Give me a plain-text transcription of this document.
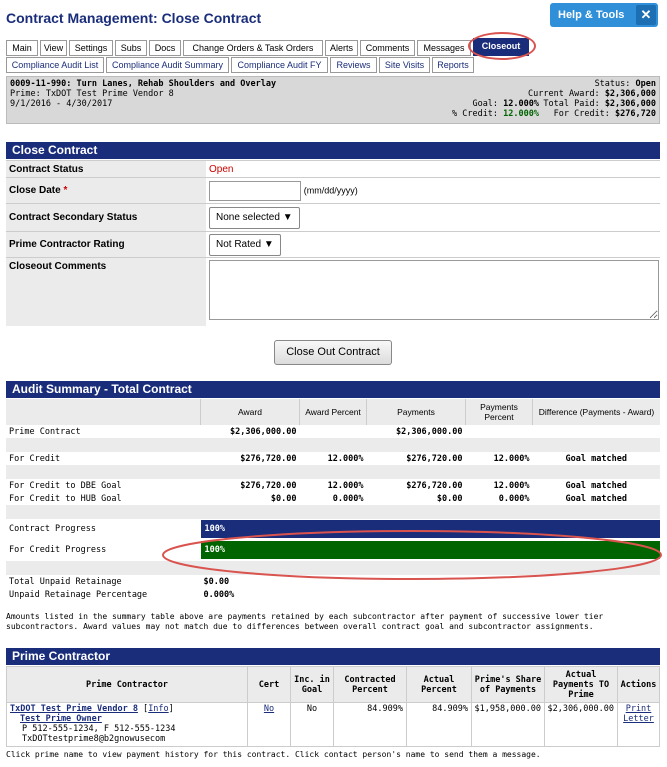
Contract Management: Close Contract	Help & Tools	✕
Main	View	Settings	Subs	Docs	Change Orders & Task Orders	Alerts	Comments	Messages	Closeout
Compliance Audit List	Compliance Audit Summary	Compliance Audit FY	Reviews	Site Visits	Reports
0009-11-990: Turn Lanes, Rehab Shoulders and Overlay
Prime: TxDOT Test Prime Vendor 8
9/1/2016 - 4/30/2017
Status: Open
Current Award: $2,306,000
Total Paid: $2,306,000
For Credit: $276,720
Goal: 12.000%
% Credit: 12.000%
Close Contract
Contract Status	Open
Close Date *	(mm/dd/yyyy)
Contract Secondary Status	None selected ▼
Prime Contractor Rating	Not Rated ▼
Closeout Comments	
Close Out Contract
Audit Summary - Total Contract
	Award	Award Percent	Payments	Payments Percent	Difference (Payments - Award)
Prime Contract	$2,306,000.00		$2,306,000.00		

For Credit	$276,720.00	12.000%	$276,720.00	12.000%	Goal matched

For Credit to DBE Goal	$276,720.00	12.000%	$276,720.00	12.000%	Goal matched
For Credit to HUB Goal	$0.00	0.000%	$0.00	0.000%	Goal matched

Contract Progress	100%				

For Credit Progress	100%				

Total Unpaid Retainage	$0.00				
Unpaid Retainage Percentage	0.000%				
Amounts listed in the summary table above are payments retained by each subcontractor after payment of successive lower tier subcontractors. Award values may not match due to differences between overall contract goal and subcontractor assignments.
Prime Contractor
Prime Contractor	Cert	Inc. in Goal	Contracted Percent	Actual Percent	Prime's Share of Payments	Actual Payments TO Prime	Actions
TxDOT Test Prime Vendor 8 [Info]
Test Prime Owner
P 512-555-1234, F 512-555-1234
TxDOTtestprime8@b2gnowusecom	No	No	84.909%	84.909%	$1,958,000.00	$2,306,000.00	Print
Letter
Click prime name to view payment history for this contract. Click contact person's name to send them a message.
